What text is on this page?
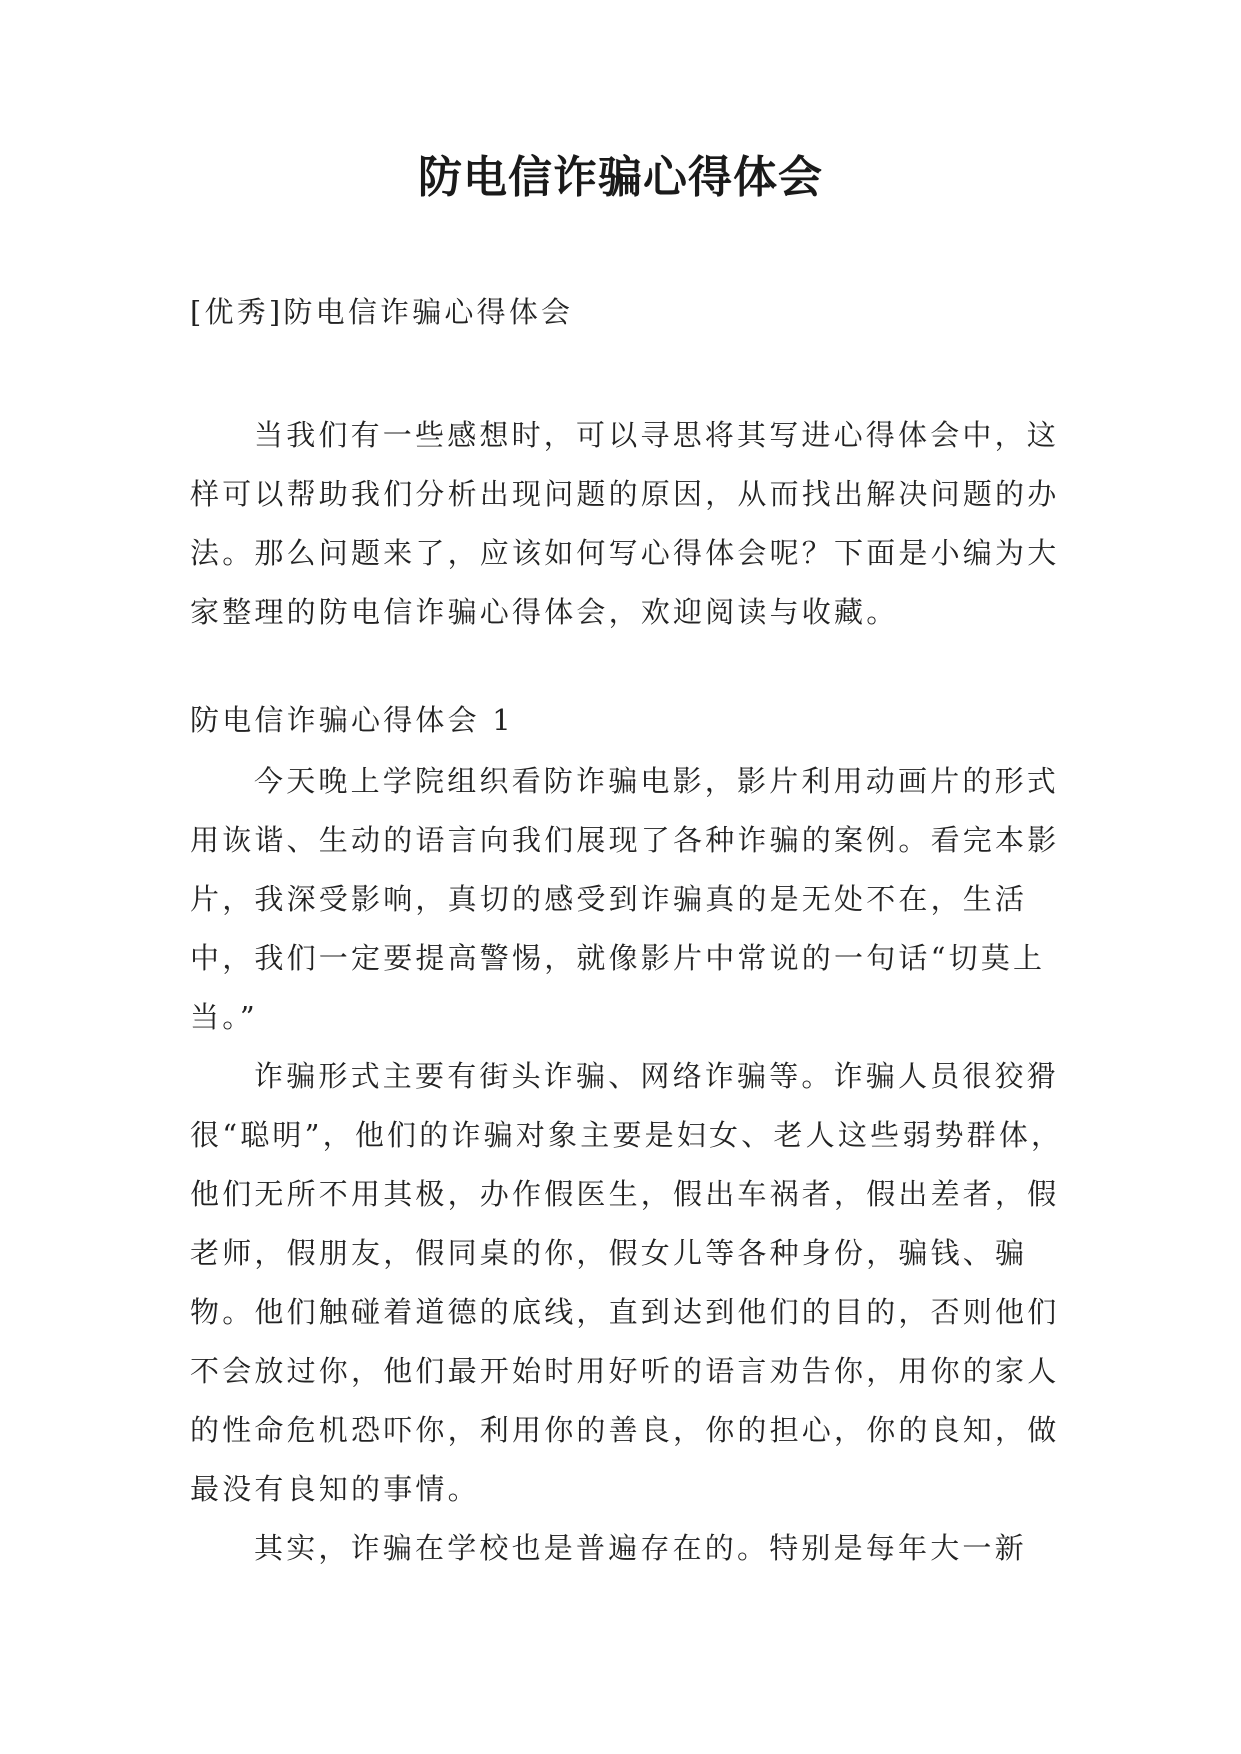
防电信诈骗心得体会
[优秀]防电信诈骗心得体会

当我们有一些感想时，可以寻思将其写进心得体会中，这样可以帮助我们分析出现问题的原因，从而找出解决问题的办法。那么问题来了，应该如何写心得体会呢？下面是小编为大家整理的防电信诈骗心得体会，欢迎阅读与收藏。

防电信诈骗心得体会 1

今天晚上学院组织看防诈骗电影，影片利用动画片的形式用诙谐、生动的语言向我们展现了各种诈骗的案例。看完本影片，我深受影响，真切的感受到诈骗真的是无处不在，生活中，我们一定要提高警惕，就像影片中常说的一句话“切莫上当。”

诈骗形式主要有街头诈骗、网络诈骗等。诈骗人员很狡猾很“聪明”，他们的诈骗对象主要是妇女、老人这些弱势群体，他们无所不用其极，办作假医生，假出车祸者，假出差者，假老师，假朋友，假同桌的你，假女儿等各种身份，骗钱、骗物。他们触碰着道德的底线，直到达到他们的目的，否则他们不会放过你，他们最开始时用好听的语言劝告你，用你的家人的性命危机恐吓你，利用你的善良，你的担心，你的良知，做最没有良知的事情。

其实，诈骗在学校也是普遍存在的。特别是每年大一新
